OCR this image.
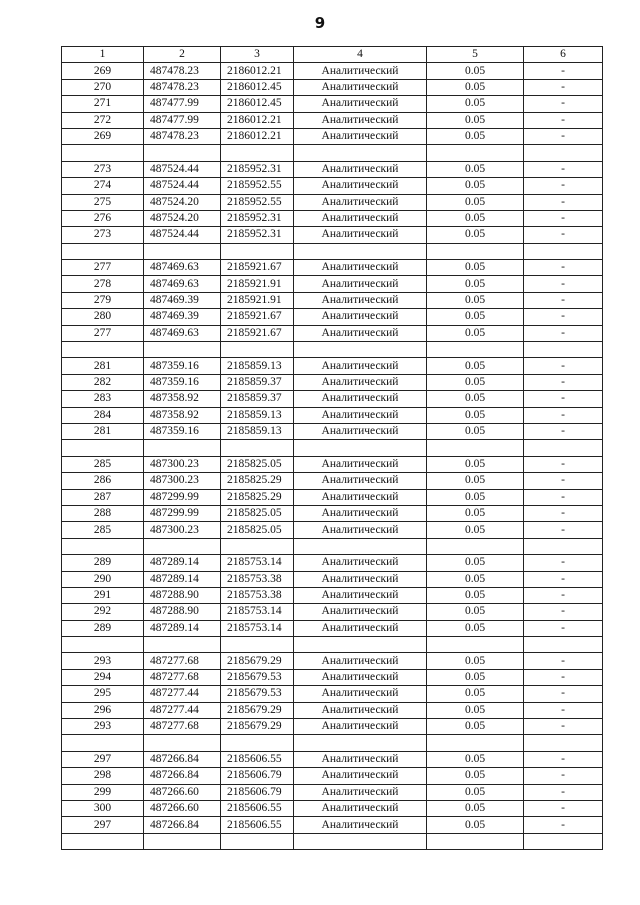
9
1	2	3	4	5	6
269	487478.23	2186012.21	Аналитический	0.05	-
270	487478.23	2186012.45	Аналитический	0.05	-
271	487477.99	2186012.45	Аналитический	0.05	-
272	487477.99	2186012.21	Аналитический	0.05	-
269	487478.23	2186012.21	Аналитический	0.05	-

273	487524.44	2185952.31	Аналитический	0.05	-
274	487524.44	2185952.55	Аналитический	0.05	-
275	487524.20	2185952.55	Аналитический	0.05	-
276	487524.20	2185952.31	Аналитический	0.05	-
273	487524.44	2185952.31	Аналитический	0.05	-

277	487469.63	2185921.67	Аналитический	0.05	-
278	487469.63	2185921.91	Аналитический	0.05	-
279	487469.39	2185921.91	Аналитический	0.05	-
280	487469.39	2185921.67	Аналитический	0.05	-
277	487469.63	2185921.67	Аналитический	0.05	-

281	487359.16	2185859.13	Аналитический	0.05	-
282	487359.16	2185859.37	Аналитический	0.05	-
283	487358.92	2185859.37	Аналитический	0.05	-
284	487358.92	2185859.13	Аналитический	0.05	-
281	487359.16	2185859.13	Аналитический	0.05	-

285	487300.23	2185825.05	Аналитический	0.05	-
286	487300.23	2185825.29	Аналитический	0.05	-
287	487299.99	2185825.29	Аналитический	0.05	-
288	487299.99	2185825.05	Аналитический	0.05	-
285	487300.23	2185825.05	Аналитический	0.05	-

289	487289.14	2185753.14	Аналитический	0.05	-
290	487289.14	2185753.38	Аналитический	0.05	-
291	487288.90	2185753.38	Аналитический	0.05	-
292	487288.90	2185753.14	Аналитический	0.05	-
289	487289.14	2185753.14	Аналитический	0.05	-

293	487277.68	2185679.29	Аналитический	0.05	-
294	487277.68	2185679.53	Аналитический	0.05	-
295	487277.44	2185679.53	Аналитический	0.05	-
296	487277.44	2185679.29	Аналитический	0.05	-
293	487277.68	2185679.29	Аналитический	0.05	-

297	487266.84	2185606.55	Аналитический	0.05	-
298	487266.84	2185606.79	Аналитический	0.05	-
299	487266.60	2185606.79	Аналитический	0.05	-
300	487266.60	2185606.55	Аналитический	0.05	-
297	487266.84	2185606.55	Аналитический	0.05	-
